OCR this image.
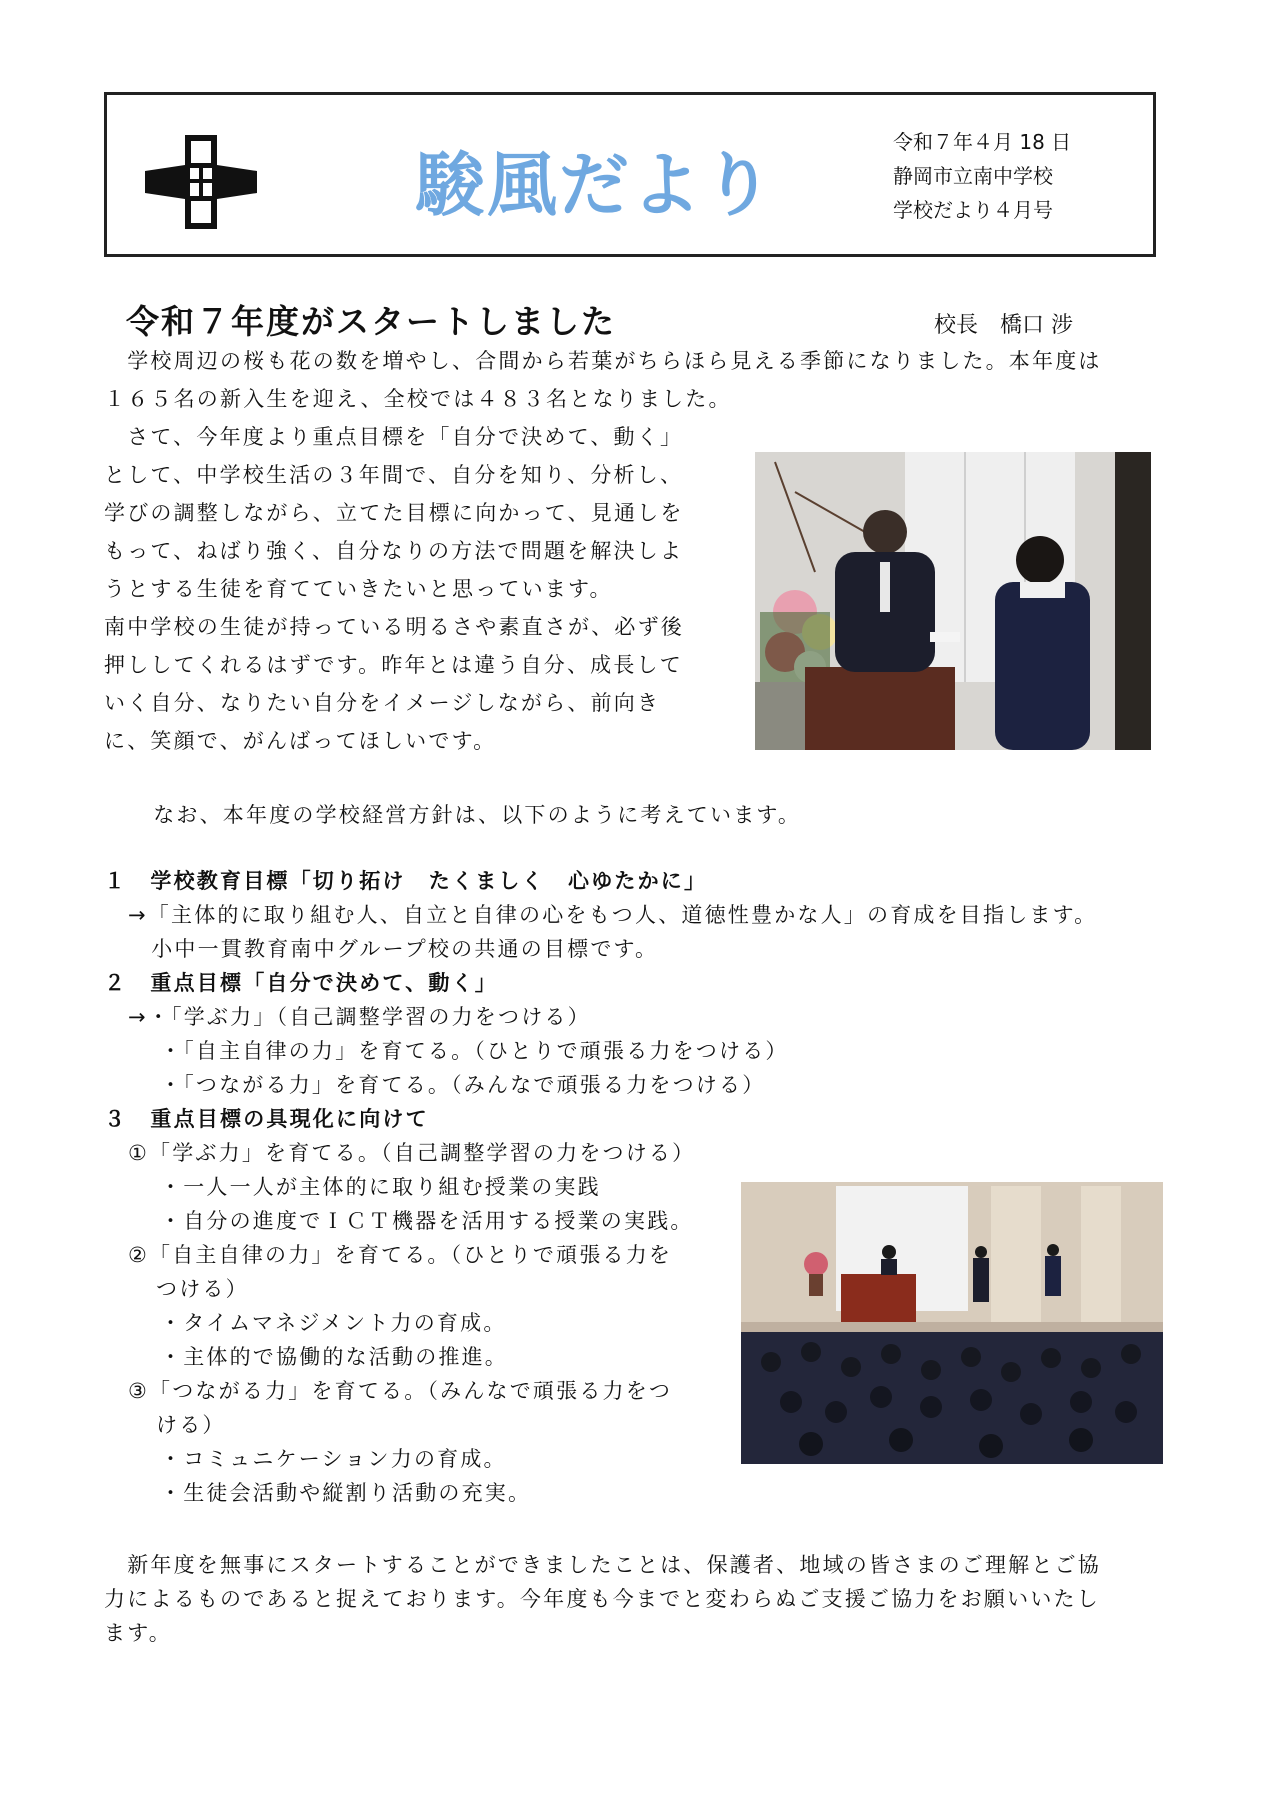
駿風だより
令和７年４月 18 日
静岡市立南中学校
学校だより４月号
令和７年度がスタートしました	校長　橋口 涉
　学校周辺の桜も花の数を増やし、合間から若葉がちらほら見える季節になりました。本年度は
１６５名の新入生を迎え、全校では４８３名となりました。
　さて、今年度より重点目標を「自分で決めて、動く」
として、中学校生活の３年間で、自分を知り、分析し、
学びの調整しながら、立てた目標に向かって、見通しを
もって、ねばり強く、自分なりの方法で問題を解決しよ
うとする生徒を育てていきたいと思っています。
南中学校の生徒が持っている明るさや素直さが、必ず後
押ししてくれるはずです。昨年とは違う自分、成長して
いく自分、なりたい自分をイメージしながら、前向き
に、笑顔で、がんばってほしいです。
　なお、本年度の学校経営方針は、以下のように考えています。
１　学校教育目標「切り拓け　たくましく　心ゆたかに」
→「主体的に取り組む人、自立と自律の心をもつ人、道徳性豊かな人」の育成を目指します。
　小中一貫教育南中グループ校の共通の目標です。
２　重点目標「自分で決めて、動く」
→・「学ぶ力」（自己調整学習の力をつける）
・「自主自律の力」を育てる。（ひとりで頑張る力をつける）
・「つながる力」を育てる。（みんなで頑張る力をつける）
３　重点目標の具現化に向けて
①「学ぶ力」を育てる。（自己調整学習の力をつける）
・一人一人が主体的に取り組む授業の実践
・自分の進度でＩＣＴ機器を活用する授業の実践。
②「自主自律の力」を育てる。（ひとりで頑張る力を
つける）
・タイムマネジメント力の育成。
・主体的で協働的な活動の推進。
③「つながる力」を育てる。（みんなで頑張る力をつ
ける）
・コミュニケーション力の育成。
・生徒会活動や縦割り活動の充実。
　新年度を無事にスタートすることができましたことは、保護者、地域の皆さまのご理解とご協
力によるものであると捉えております。今年度も今までと変わらぬご支援ご協力をお願いいたし
ます。
